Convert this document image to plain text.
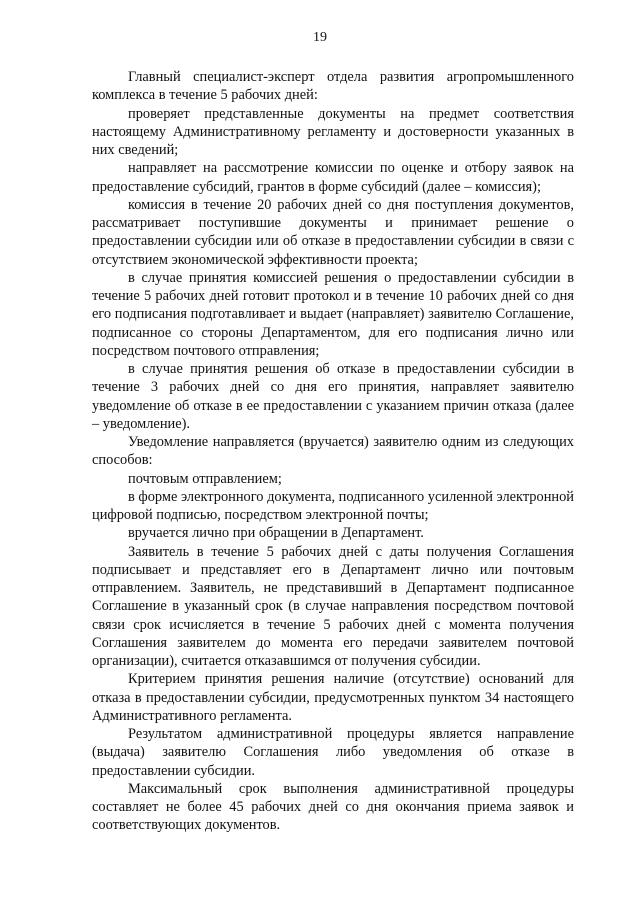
19

Главный специалист-эксперт отдела развития агропромышленного комплекса в течение 5 рабочих дней:

проверяет представленные документы на предмет соответствия настоящему Административному регламенту и достоверности указанных в них сведений;

направляет на рассмотрение комиссии по оценке и отбору заявок на предоставление субсидий, грантов в форме субсидий (далее – комиссия);

комиссия в течение 20 рабочих дней со дня поступления документов, рассматривает поступившие документы и принимает решение о предоставлении субсидии или об отказе в предоставлении субсидии в связи с отсутствием экономической эффективности проекта;

в случае принятия комиссией решения о предоставлении субсидии в течение 5 рабочих дней готовит протокол и в течение 10 рабочих дней со дня его подписания подготавливает и выдает (направляет) заявителю Соглашение, подписанное со стороны Департаментом, для его подписания лично или посредством почтового отправления;

в случае принятия решения об отказе в предоставлении субсидии в течение 3 рабочих дней со дня его принятия, направляет заявителю уведомление об отказе в ее предоставлении с указанием причин отказа (далее – уведомление).

Уведомление направляется (вручается) заявителю одним из следующих способов:

почтовым отправлением;

в форме электронного документа, подписанного усиленной электронной цифровой подписью, посредством электронной почты;

вручается лично при обращении в Департамент.

Заявитель в течение 5 рабочих дней с даты получения Соглашения подписывает и представляет его в Департамент лично или почтовым отправлением. Заявитель, не представивший в Департамент подписанное Соглашение в указанный срок (в случае направления посредством почтовой связи срок исчисляется в течение 5 рабочих дней с момента получения Соглашения заявителем до момента его передачи заявителем почтовой организации), считается отказавшимся от получения субсидии.

Критерием принятия решения наличие (отсутствие) оснований для отказа в предоставлении субсидии, предусмотренных пунктом 34 настоящего Административного регламента.

Результатом административной процедуры является направление (выдача) заявителю Соглашения либо уведомления об отказе в предоставлении субсидии.

Максимальный срок выполнения административной процедуры составляет не более 45 рабочих дней со дня окончания приема заявок и соответствующих документов.
